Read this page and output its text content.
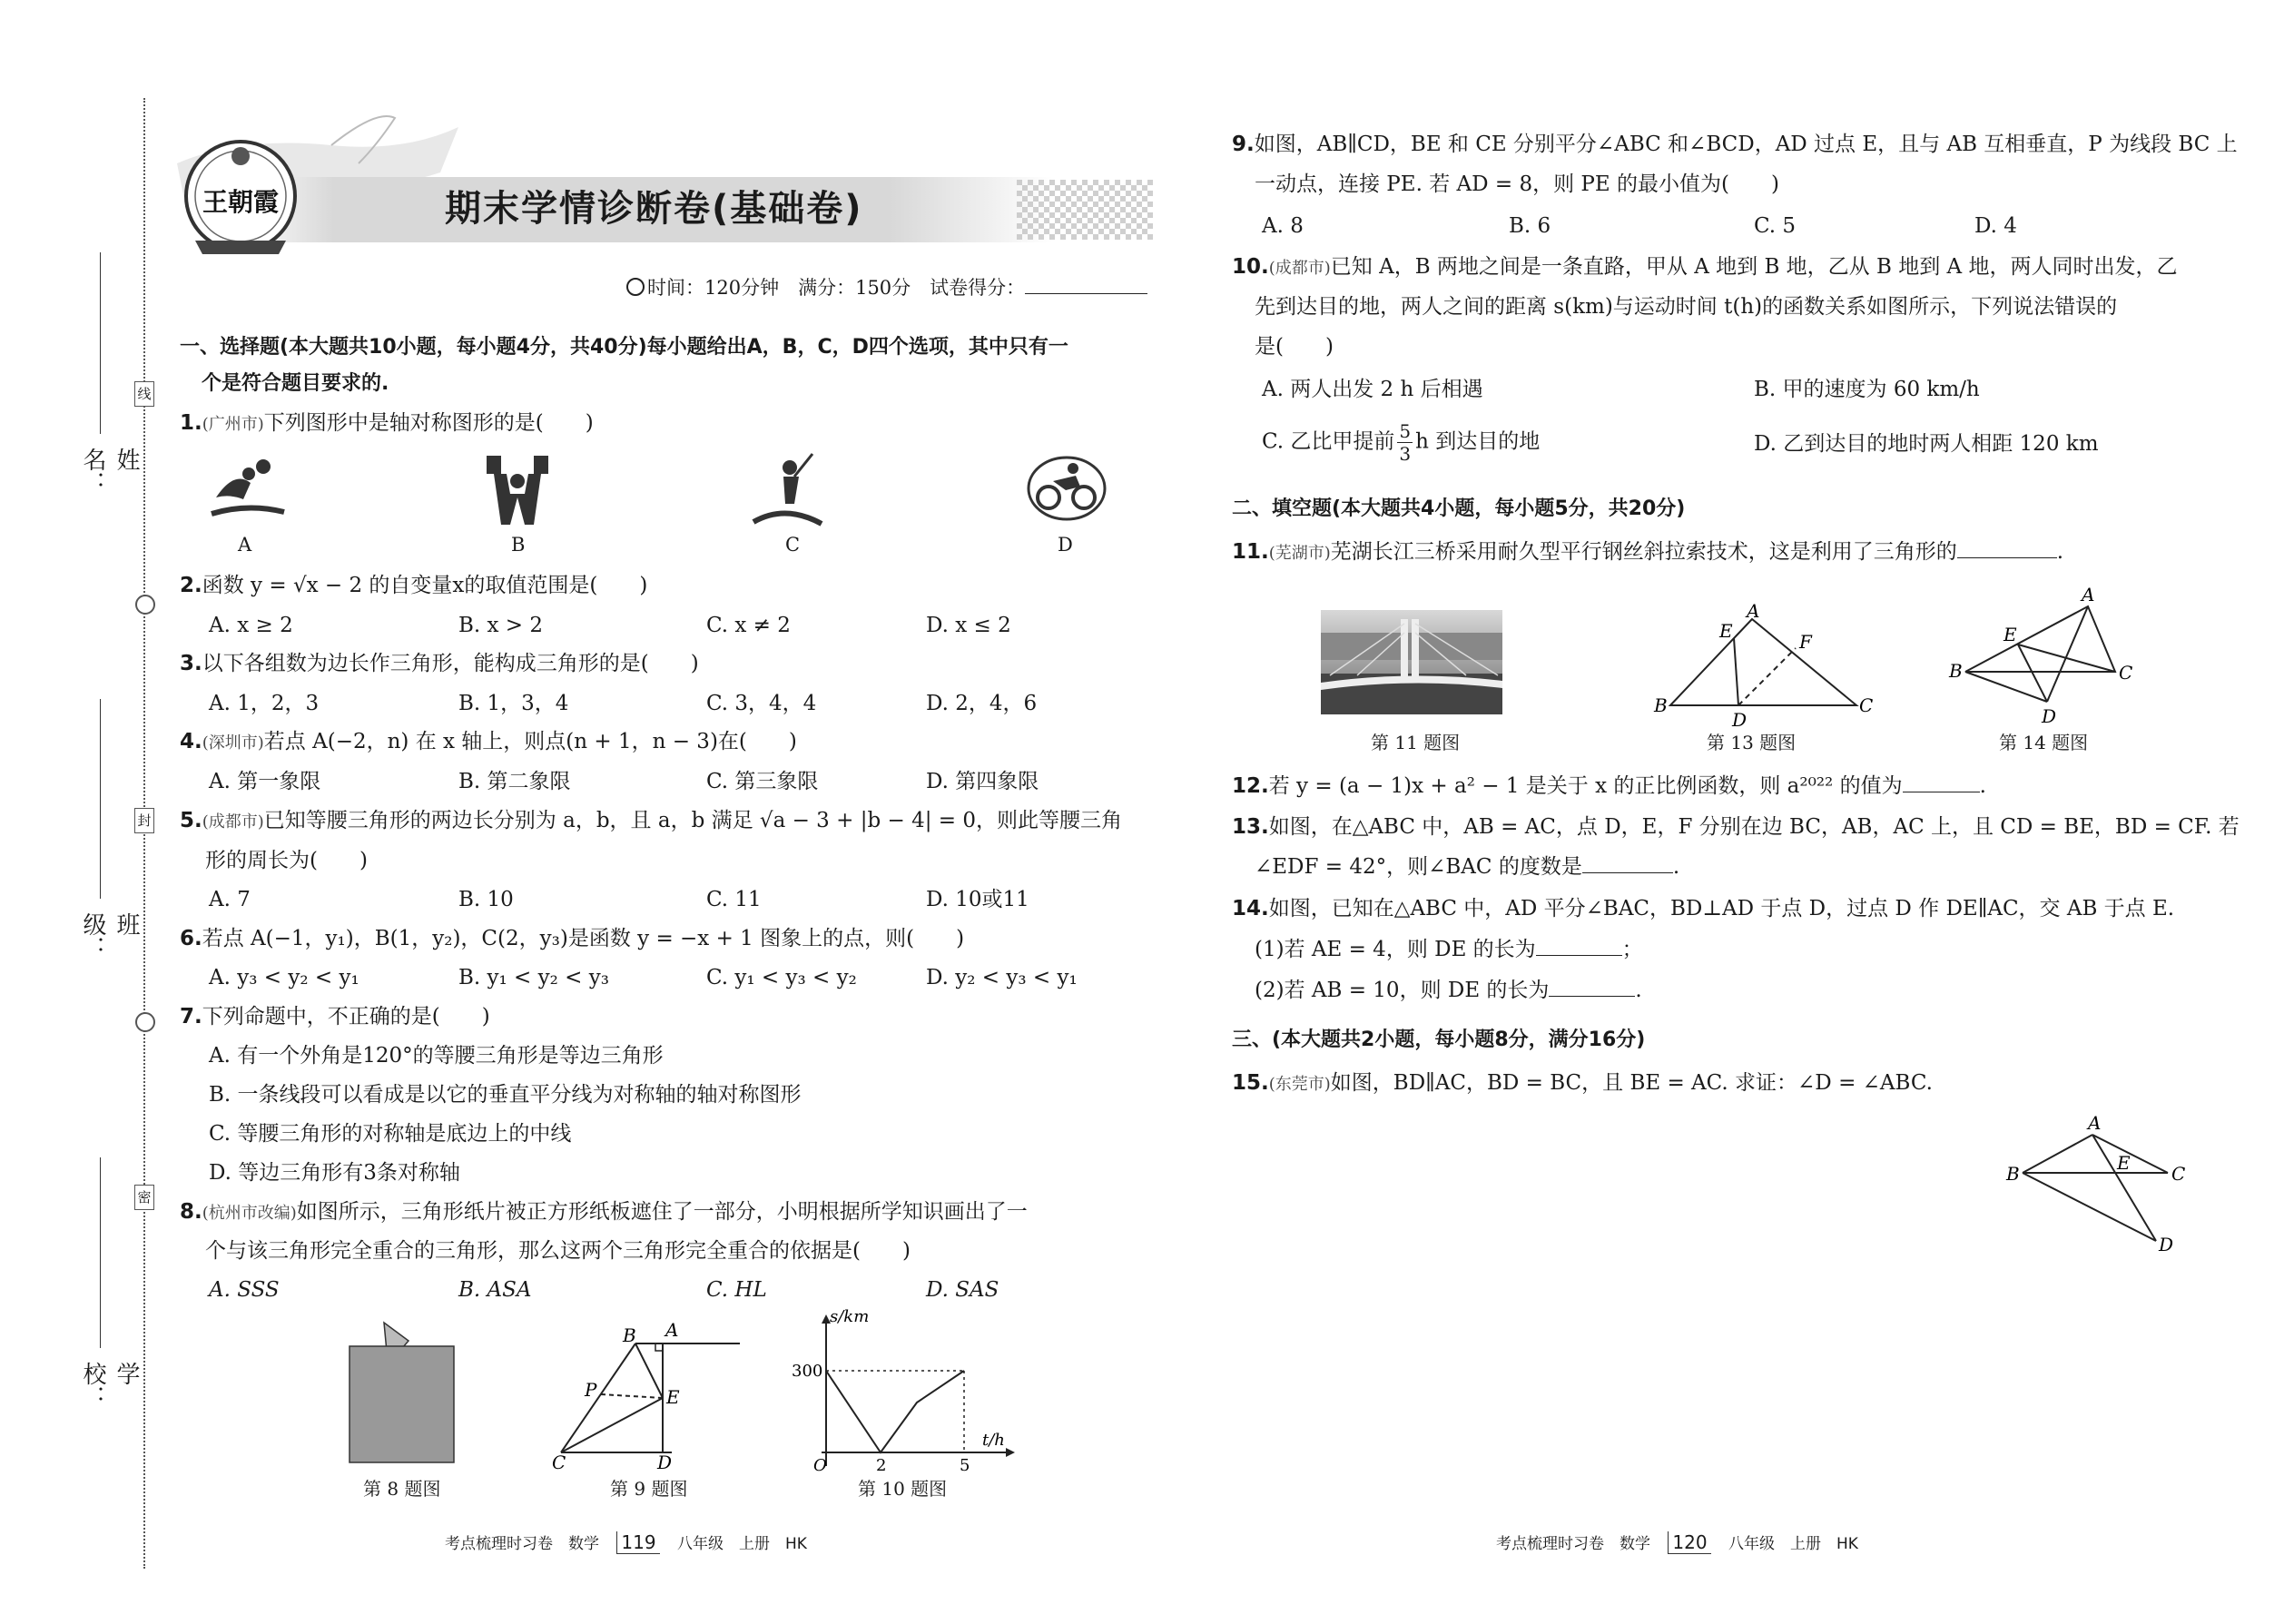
姓名：
班级：
学校：
线
封
密
王朝霞	期末学情诊断卷(基础卷)
时间：120分钟　满分：150分　试卷得分：
一、选择题(本大题共10小题，每小题4分，共40分)每小题给出A，B，C，D四个选项，其中只有一
个是符合题目要求的.
1.(广州市)下列图形中是轴对称图形的是(　　)
A	B	C	D
2.函数 y = √x − 2 的自变量x的取值范围是(　　)
A. x ≥ 2	B. x > 2	C. x ≠ 2	D. x ≤ 2
3.以下各组数为边长作三角形，能构成三角形的是(　　)
A. 1，2，3	B. 1，3，4	C. 3，4，4	D. 2，4，6
4.(深圳市)若点 A(−2，n) 在 x 轴上，则点(n + 1，n − 3)在(　　)
A. 第一象限	B. 第二象限	C. 第三象限	D. 第四象限
5.(成都市)已知等腰三角形的两边长分别为 a，b，且 a，b 满足 √a − 3 + |b − 4| = 0，则此等腰三角
形的周长为(　　)
A. 7	B. 10	C. 11	D. 10或11
6.若点 A(−1，y₁)，B(1，y₂)，C(2，y₃)是函数 y = −x + 1 图象上的点，则(　　)
A. y₃ < y₂ < y₁	B. y₁ < y₂ < y₃	C. y₁ < y₃ < y₂	D. y₂ < y₃ < y₁
7.下列命题中，不正确的是(　　)
A. 有一个外角是120°的等腰三角形是等边三角形
B. 一条线段可以看成是以它的垂直平分线为对称轴的轴对称图形
C. 等腰三角形的对称轴是底边上的中线
D. 等边三角形有3条对称轴
8.(杭州市改编)如图所示，三角形纸片被正方形纸板遮住了一部分，小明根据所学知识画出了一
个与该三角形完全重合的三角形，那么这两个三角形完全重合的依据是(　　)
A. SSS	B. ASA	C. HL	D. SAS
第 8 题图
B A
P	E
C	D
第 9 题图
s/km
t/h
300
O	2	5
第 10 题图
考点梳理时习卷　数学 119 八年级　上册　HK
9.如图，AB∥CD，BE 和 CE 分别平分∠ABC 和∠BCD，AD 过点 E，且与 AB 互相垂直，P 为线段 BC 上
一动点，连接 PE. 若 AD = 8，则 PE 的最小值为(　　)
A. 8	B. 6	C. 5	D. 4
10.(成都市)已知 A，B 两地之间是一条直路，甲从 A 地到 B 地，乙从 B 地到 A 地，两人同时出发，乙
先到达目的地，两人之间的距离 s(km)与运动时间 t(h)的函数关系如图所示，下列说法错误的
是(　　)
A. 两人出发 2 h 后相遇	B. 甲的速度为 60 km/h
C. 乙比甲提前 $\frac{5}{3}$ h 到达目的地	D. 乙到达目的地时两人相距 120 km
二、填空题(本大题共4小题，每小题5分，共20分)
11.(芜湖市)芜湖长江三桥采用耐久型平行钢丝斜拉索技术，这是利用了三角形的	.
第 11 题图
A
E	F
B
D
C
第 13 题图
A
E
B	C
D
第 14 题图
12.若 y = (a − 1)x + a² − 1 是关于 x 的正比例函数，则 a²⁰²² 的值为	.
13.如图，在△ABC 中，AB = AC，点 D，E，F 分别在边 BC，AB，AC 上，且 CD = BE，BD = CF. 若
∠EDF = 42°，则∠BAC 的度数是	.
14.如图，已知在△ABC 中，AD 平分∠BAC，BD⊥AD 于点 D，过点 D 作 DE∥AC，交 AB 于点 E.
(1)若 AE = 4，则 DE 的长为	；
(2)若 AB = 10，则 DE 的长为	.
三、(本大题共2小题，每小题8分，满分16分)
15.(东莞市)如图，BD∥AC，BD = BC，且 BE = AC. 求证：∠D = ∠ABC.
A
B	E C
D
考点梳理时习卷　数学 120 八年级　上册　HK
